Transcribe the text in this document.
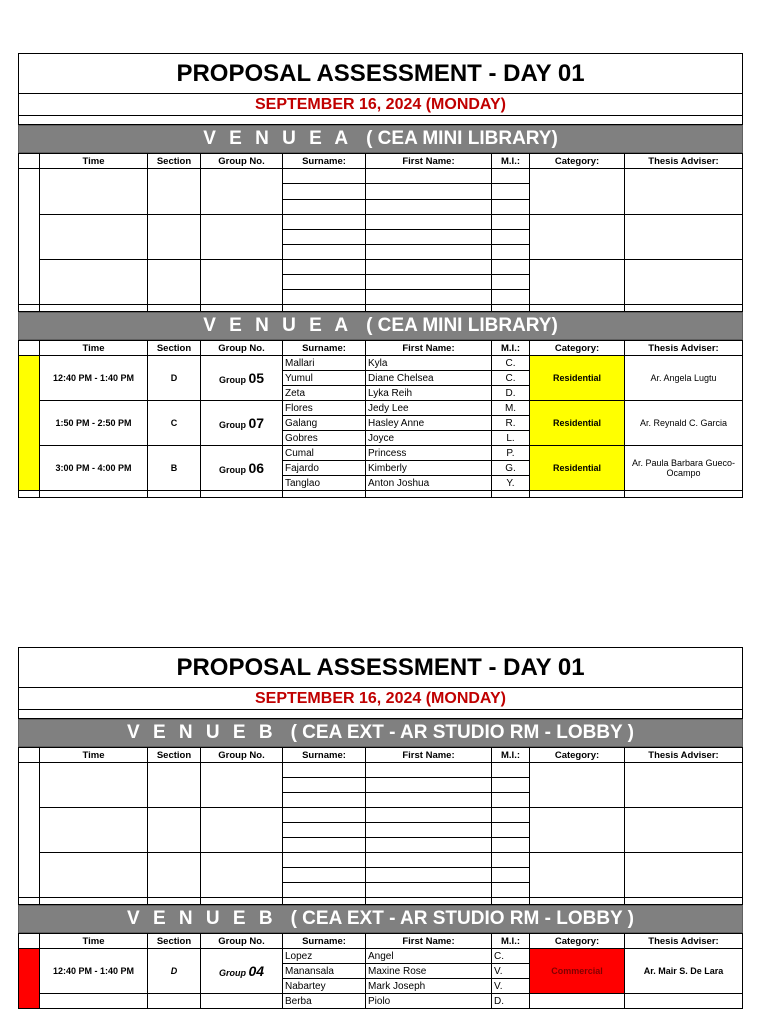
PROPOSAL ASSESSMENT - DAY 01
SEPTEMBER 16, 2024 (MONDAY)
V E N U E A ( CEA MINI LIBRARY)
	Time	Section	Group No.	Surname:	First Name:	M.I.:	Category:	Thesis Adviser:

V E N U E A ( CEA MINI LIBRARY)
	Time	Section	Group No.	Surname:	First Name:	M.I.:	Category:	Thesis Adviser:
	12:40 PM - 1:40 PM	D	Group 05	Mallari	Kyla	C.	Residential	Ar. Angela Lugtu
				Yumul	Diane Chelsea	C.		
				Zeta	Lyka Reih	D.		
	1:50 PM - 2:50 PM	C	Group 07	Flores	Jedy Lee	M.	Residential	Ar. Reynald C. Garcia
				Galang	Hasley Anne	R.		
				Gobres	Joyce	L.		
	3:00 PM - 4:00 PM	B	Group 06	Cumal	Princess	P.	Residential	Ar. Paula Barbara Gueco-
Ocampo
				Fajardo	Kimberly	G.		
				Tanglao	Anton Joshua	Y.		

PROPOSAL ASSESSMENT - DAY 01
SEPTEMBER 16, 2024 (MONDAY)
V E N U E B ( CEA EXT - AR STUDIO RM - LOBBY )
	Time	Section	Group No.	Surname:	First Name:	M.I.:	Category:	Thesis Adviser:

V E N U E B ( CEA EXT - AR STUDIO RM - LOBBY )
	Time	Section	Group No.	Surname:	First Name:	M.I.:	Category:	Thesis Adviser:
	12:40 PM - 1:40 PM	D	Group 04	Lopez	Angel	C.	Commercial	Ar. Mair S. De Lara
				Manansala	Maxine Rose	V.		
				Nabartey	Mark Joseph	V.		
				Berba	Piolo	D.		
